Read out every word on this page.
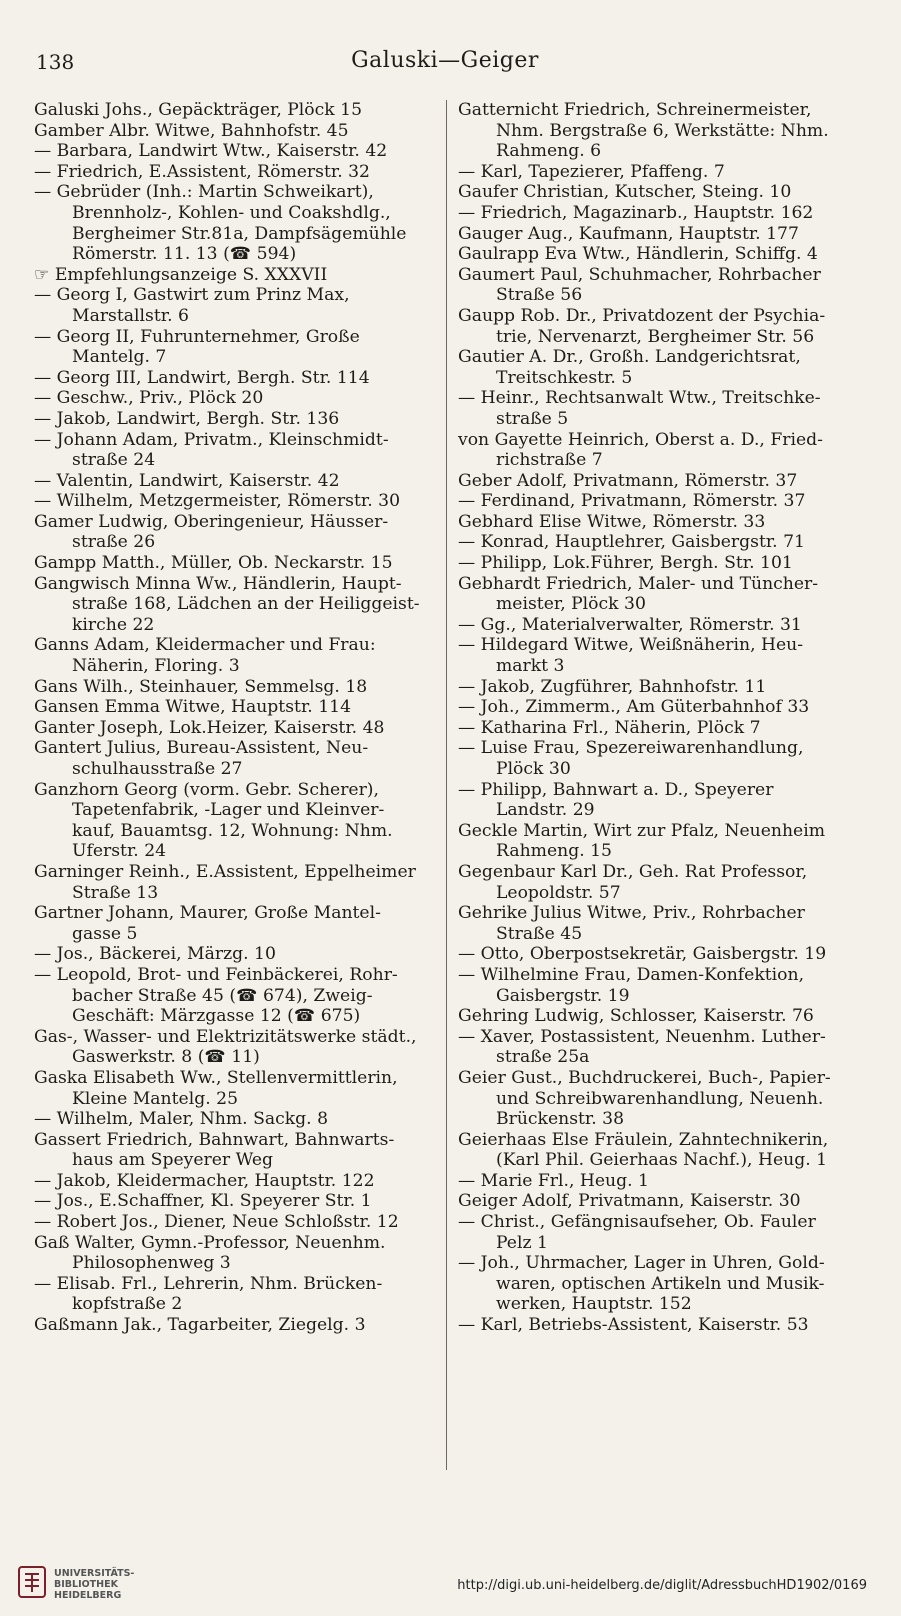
138	Galuski—Geiger
Galuski Johs., Gepäckträger, Plöck 15
Gamber Albr. Witwe, Bahnhofstr. 45
— Barbara, Landwirt Wtw., Kaiserstr. 42
— Friedrich, E.Assistent, Römerstr. 32
— Gebrüder (Inh.: Martin Schweikart),
Brennholz-, Kohlen- und Coakshdlg.,
Bergheimer Str.81a, Dampfsägemühle
Römerstr. 11. 13 (☎ 594)
☞ Empfehlungsanzeige S. XXXVII
— Georg I, Gastwirt zum Prinz Max,
Marstallstr. 6
— Georg II, Fuhrunternehmer, Große
Mantelg. 7
— Georg III, Landwirt, Bergh. Str. 114
— Geschw., Priv., Plöck 20
— Jakob, Landwirt, Bergh. Str. 136
— Johann Adam, Privatm., Kleinschmidt-
straße 24
— Valentin, Landwirt, Kaiserstr. 42
— Wilhelm, Metzgermeister, Römerstr. 30
Gamer Ludwig, Oberingenieur, Häusser-
straße 26
Gampp Matth., Müller, Ob. Neckarstr. 15
Gangwisch Minna Ww., Händlerin, Haupt-
straße 168, Lädchen an der Heiliggeist-
kirche 22
Ganns Adam, Kleidermacher und Frau:
Näherin, Floring. 3
Gans Wilh., Steinhauer, Semmelsg. 18
Gansen Emma Witwe, Hauptstr. 114
Ganter Joseph, Lok.Heizer, Kaiserstr. 48
Gantert Julius, Bureau-Assistent, Neu-
schulhausstraße 27
Ganzhorn Georg (vorm. Gebr. Scherer),
Tapetenfabrik, -Lager und Kleinver-
kauf, Bauamtsg. 12, Wohnung: Nhm.
Uferstr. 24
Garninger Reinh., E.Assistent, Eppelheimer
Straße 13
Gartner Johann, Maurer, Große Mantel-
gasse 5
— Jos., Bäckerei, Märzg. 10
— Leopold, Brot- und Feinbäckerei, Rohr-
bacher Straße 45 (☎ 674), Zweig-
Geschäft: Märzgasse 12 (☎ 675)
Gas-, Wasser- und Elektrizitätswerke städt.,
Gaswerkstr. 8 (☎ 11)
Gaska Elisabeth Ww., Stellenvermittlerin,
Kleine Mantelg. 25
— Wilhelm, Maler, Nhm. Sackg. 8
Gassert Friedrich, Bahnwart, Bahnwarts-
haus am Speyerer Weg
— Jakob, Kleidermacher, Hauptstr. 122
— Jos., E.Schaffner, Kl. Speyerer Str. 1
— Robert Jos., Diener, Neue Schloßstr. 12
Gaß Walter, Gymn.-Professor, Neuenhm.
Philosophenweg 3
— Elisab. Frl., Lehrerin, Nhm. Brücken-
kopfstraße 2
Gaßmann Jak., Tagarbeiter, Ziegelg. 3
Gatternicht Friedrich, Schreinermeister,
Nhm. Bergstraße 6, Werkstätte: Nhm.
Rahmeng. 6
— Karl, Tapezierer, Pfaffeng. 7
Gaufer Christian, Kutscher, Steing. 10
— Friedrich, Magazinarb., Hauptstr. 162
Gauger Aug., Kaufmann, Hauptstr. 177
Gaulrapp Eva Wtw., Händlerin, Schiffg. 4
Gaumert Paul, Schuhmacher, Rohrbacher
Straße 56
Gaupp Rob. Dr., Privatdozent der Psychia-
trie, Nervenarzt, Bergheimer Str. 56
Gautier A. Dr., Großh. Landgerichtsrat,
Treitschkestr. 5
— Heinr., Rechtsanwalt Wtw., Treitschke-
straße 5
von Gayette Heinrich, Oberst a. D., Fried-
richstraße 7
Geber Adolf, Privatmann, Römerstr. 37
— Ferdinand, Privatmann, Römerstr. 37
Gebhard Elise Witwe, Römerstr. 33
— Konrad, Hauptlehrer, Gaisbergstr. 71
— Philipp, Lok.Führer, Bergh. Str. 101
Gebhardt Friedrich, Maler- und Tüncher-
meister, Plöck 30
— Gg., Materialverwalter, Römerstr. 31
— Hildegard Witwe, Weißnäherin, Heu-
markt 3
— Jakob, Zugführer, Bahnhofstr. 11
— Joh., Zimmerm., Am Güterbahnhof 33
— Katharina Frl., Näherin, Plöck 7
— Luise Frau, Spezereiwarenhandlung,
Plöck 30
— Philipp, Bahnwart a. D., Speyerer
Landstr. 29
Geckle Martin, Wirt zur Pfalz, Neuenheim
Rahmeng. 15
Gegenbaur Karl Dr., Geh. Rat Professor,
Leopoldstr. 57
Gehrike Julius Witwe, Priv., Rohrbacher
Straße 45
— Otto, Oberpostsekretär, Gaisbergstr. 19
— Wilhelmine Frau, Damen-Konfektion,
Gaisbergstr. 19
Gehring Ludwig, Schlosser, Kaiserstr. 76
— Xaver, Postassistent, Neuenhm. Luther-
straße 25a
Geier Gust., Buchdruckerei, Buch-, Papier-
und Schreibwarenhandlung, Neuenh.
Brückenstr. 38
Geierhaas Else Fräulein, Zahntechnikerin,
(Karl Phil. Geierhaas Nachf.), Heug. 1
— Marie Frl., Heug. 1
Geiger Adolf, Privatmann, Kaiserstr. 30
— Christ., Gefängnisaufseher, Ob. Fauler
Pelz 1
— Joh., Uhrmacher, Lager in Uhren, Gold-
waren, optischen Artikeln und Musik-
werken, Hauptstr. 152
— Karl, Betriebs-Assistent, Kaiserstr. 53
UNIVERSITÄTS-
BIBLIOTHEK
HEIDELBERG
http://digi.ub.uni-heidelberg.de/diglit/AdressbuchHD1902/0169
